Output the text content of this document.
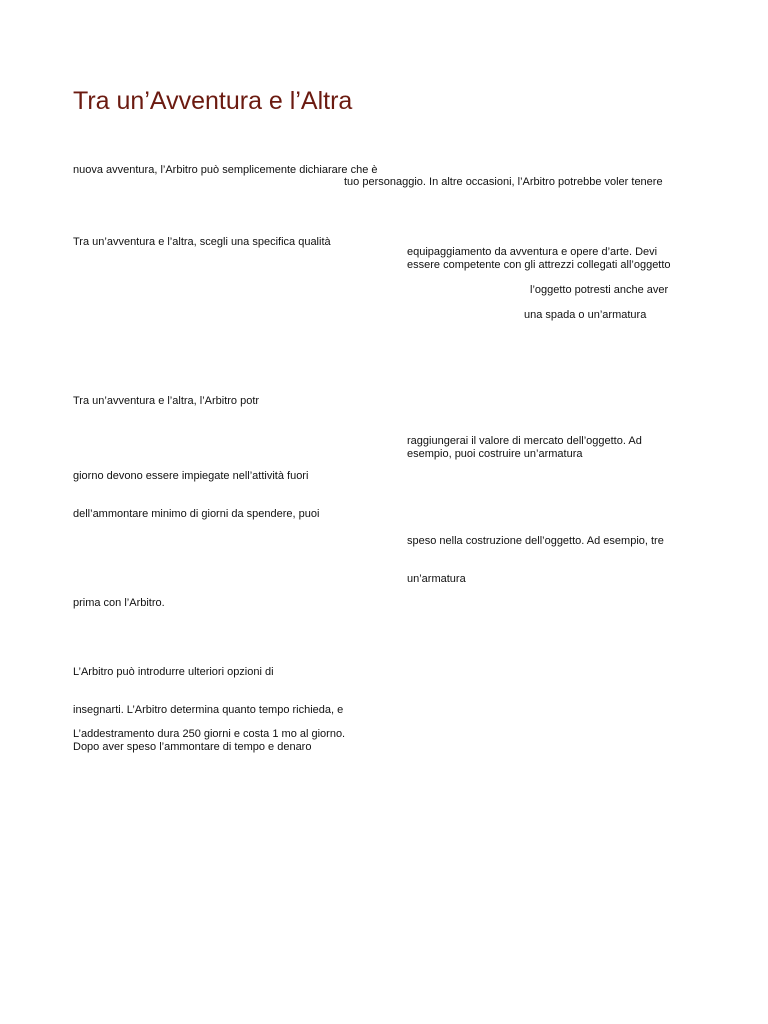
Tra un’Avventura e l’Altra
nuova avventura, l’Arbitro può semplicemente dichiarare che è
tuo personaggio. In altre occasioni, l’Arbitro potrebbe voler tenere
Tra un’avventura e l’altra, scegli una specifica qualità
equipaggiamento da avventura e opere d’arte. Devi
essere competente con gli attrezzi collegati all’oggetto
l’oggetto potresti anche aver
una spada o un’armatura
Tra un’avventura e l’altra, l’Arbitro potr
raggiungerai il valore di mercato dell’oggetto. Ad
esempio, puoi costruire un’armatura
giorno devono essere impiegate nell’attività fuori
dell’ammontare minimo di giorni da spendere, puoi
speso nella costruzione dell’oggetto. Ad esempio, tre
un’armatura
prima con l’Arbitro.
L’Arbitro può introdurre ulteriori opzioni di
insegnarti. L’Arbitro determina quanto tempo richieda, e
L’addestramento dura 250 giorni e costa 1 mo al giorno.
Dopo aver speso l’ammontare di tempo e denaro
